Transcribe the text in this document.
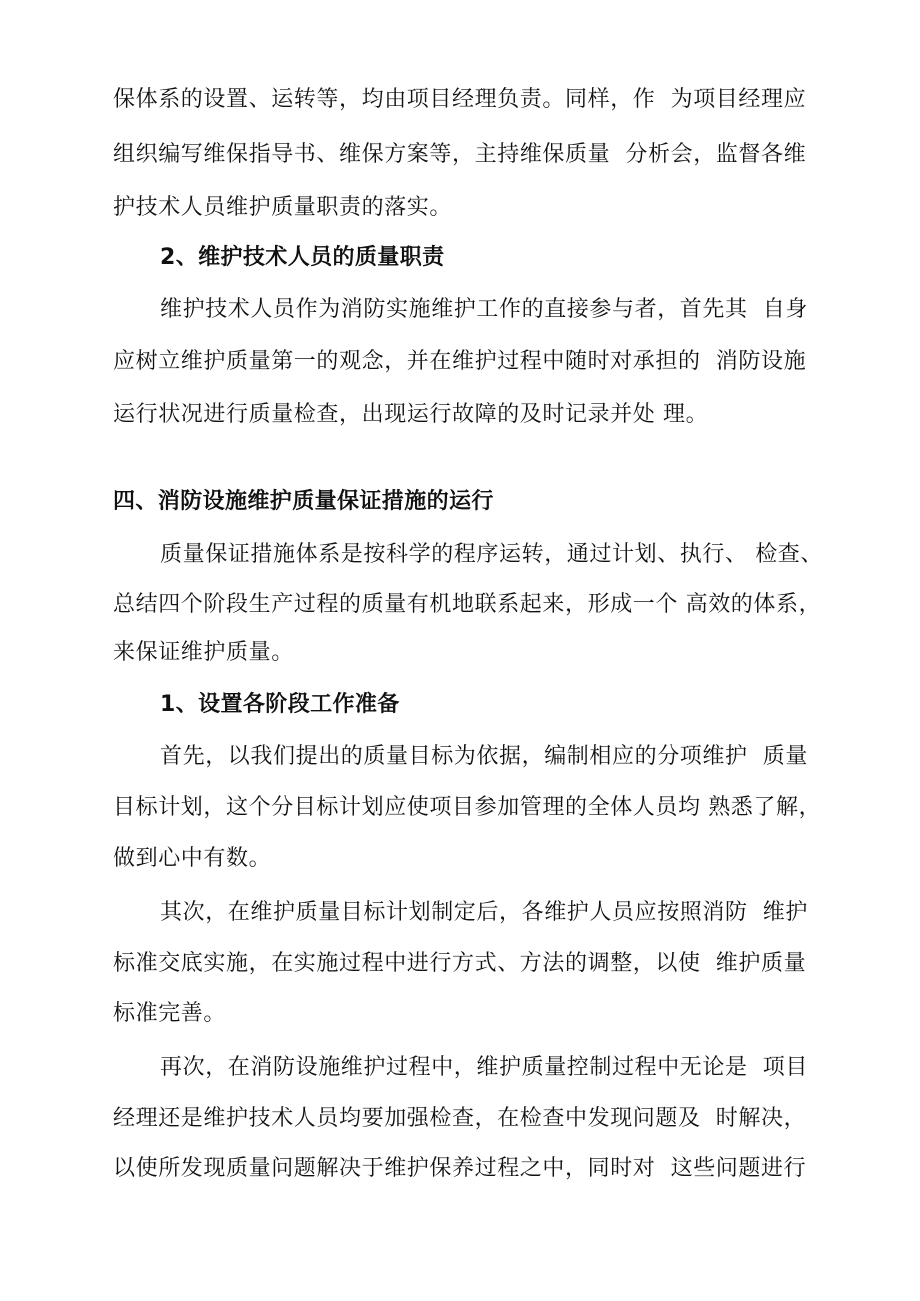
保体系的设置、运转等，均由项目经理负责。同样，作  为项目经理应
组织编写维保指导书、维保方案等，主持维保质量  分析会，监督各维
护技术人员维护质量职责的落实。
2、维护技术人员的质量职责
维护技术人员作为消防实施维护工作的直接参与者，首先其  自身
应树立维护质量第一的观念，并在维护过程中随时对承担的  消防设施
运行状况进行质量检查，出现运行故障的及时记录并处 理。
四、消防设施维护质量保证措施的运行
质量保证措施体系是按科学的程序运转，通过计划、执行、 检查、
总结四个阶段生产过程的质量有机地联系起来，形成一个 高效的体系，
来保证维护质量。
1、设置各阶段工作准备
首先，以我们提出的质量目标为依据，编制相应的分项维护  质量
目标计划，这个分目标计划应使项目参加管理的全体人员均 熟悉了解，
做到心中有数。
其次，在维护质量目标计划制定后，各维护人员应按照消防  维护
标准交底实施，在实施过程中进行方式、方法的调整，以使  维护质量
标准完善。
再次，在消防设施维护过程中，维护质量控制过程中无论是  项目
经理还是维护技术人员均要加强检查，在检查中发现问题及  时解决，
以使所发现质量问题解决于维护保养过程之中，同时对  这些问题进行
